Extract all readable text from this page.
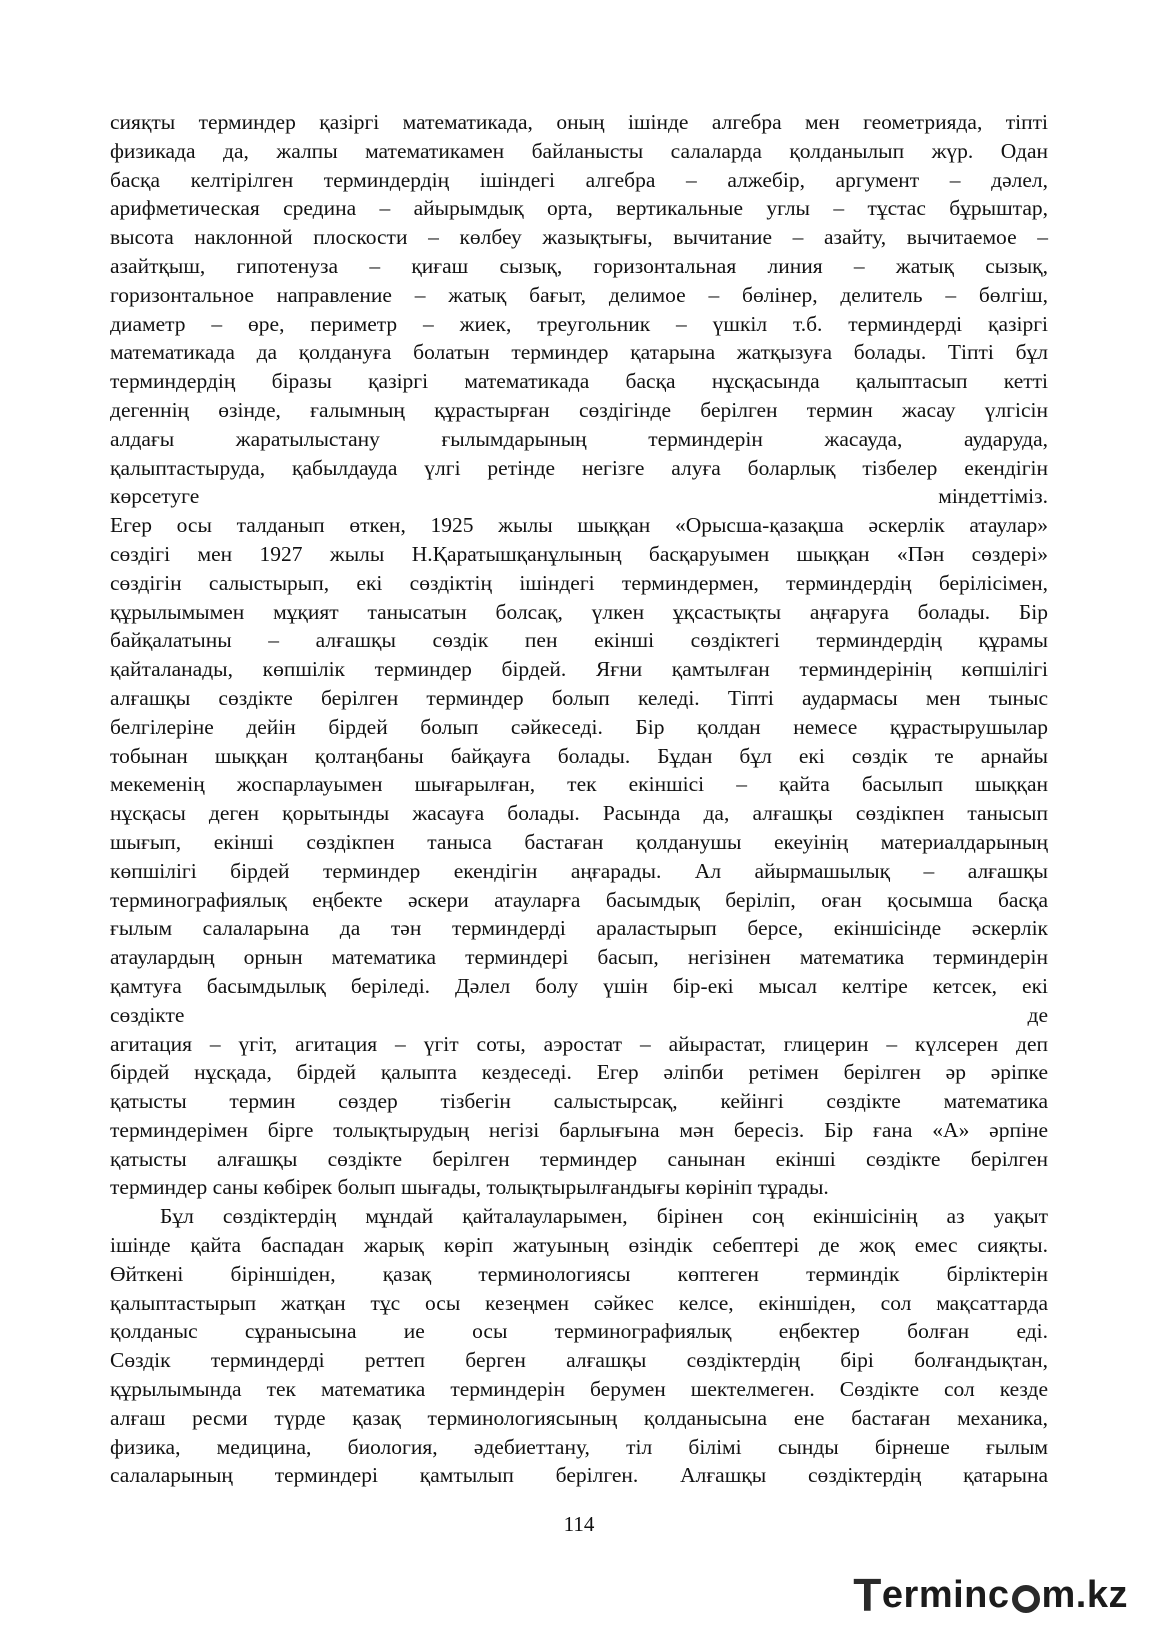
сияқты терминдер қазіргі математикада, оның ішінде алгебра мен геометрияда, тіпті
физикада да, жалпы математикамен байланысты салаларда қолданылып жүр. Одан
басқа келтірілген терминдердің ішіндегі алгебра – алжебір, аргумент – дәлел,
арифметическая средина – айырымдық орта, вертикальные углы – тұстас бұрыштар,
высота наклонной плоскости – көлбеу жазықтығы, вычитание – азайту, вычитаемое –
азайтқыш, гипотенуза – қиғаш сызық, горизонтальная линия – жатық сызық,
горизонтальное направление – жатық бағыт, делимое – бөлінер, делитель – бөлгіш,
диаметр – өре, периметр – жиек, треугольник – үшкіл т.б. терминдерді қазіргі
математикада да қолдануға болатын терминдер қатарына жатқызуға болады. Тіпті бұл
терминдердің біразы қазіргі математикада басқа нұсқасында қалыптасып кетті
дегеннің өзінде, ғалымның құрастырған сөздігінде берілген термин жасау үлгісін
алдағы жаратылыстану ғылымдарының терминдерін жасауда, аударуда,
қалыптастыруда, қабылдауда үлгі ретінде негізге алуға боларлық тізбелер екендігін
көрсетуге міндеттіміз.
Егер осы талданып өткен, 1925 жылы шыққан «Орысша-қазақша әскерлік атаулар»
сөздігі мен 1927 жылы Н.Қаратышқанұлының басқаруымен шыққан «Пән сөздері»
сөздігін салыстырып, екі сөздіктің ішіндегі терминдермен, терминдердің берілісімен,
құрылымымен мұқият танысатын болсақ, үлкен ұқсастықты аңғаруға болады. Бір
байқалатыны – алғашқы сөздік пен екінші сөздіктегі терминдердің құрамы
қайталанады, көпшілік терминдер бірдей. Яғни қамтылған терминдерінің көпшілігі
алғашқы сөздікте берілген терминдер болып келеді. Тіпті аудармасы мен тыныс
белгілеріне дейін бірдей болып сәйкеседі. Бір қолдан немесе құрастырушылар
тобынан шыққан қолтаңбаны байқауға болады. Бұдан бұл екі сөздік те арнайы
мекеменің жоспарлауымен шығарылған, тек екіншісі – қайта басылып шыққан
нұсқасы деген қорытынды жасауға болады. Расында да, алғашқы сөздікпен танысып
шығып, екінші сөздікпен таныса бастаған қолданушы екеуінің материалдарының
көпшілігі бірдей терминдер екендігін аңғарады. Ал айырмашылық – алғашқы
терминографиялық еңбекте әскери атауларға басымдық беріліп, оған қосымша басқа
ғылым салаларына да тән терминдерді араластырып берсе, екіншісінде әскерлік
атаулардың орнын математика терминдері басып, негізінен математика терминдерін
қамтуға басымдылық беріледі. Дәлел болу үшін бір-екі мысал келтіре кетсек, екі
сөздікте де
агитация – үгіт, агитация – үгіт соты, аэростат – айырастат, глицерин – күлсерен деп
бірдей нұсқада, бірдей қалыпта кездеседі. Егер әліпби ретімен берілген әр әріпке
қатысты термин сөздер тізбегін салыстырсақ, кейінгі сөздікте математика
терминдерімен бірге толықтырудың негізі барлығына мән бересіз. Бір ғана «А» әрпіне
қатысты алғашқы сөздікте берілген терминдер санынан екінші сөздікте берілген
терминдер саны көбірек болып шығады, толықтырылғандығы көрініп тұрады.
Бұл сөздіктердің мұндай қайталауларымен, бірінен соң екіншісінің аз уақыт
ішінде қайта баспадан жарық көріп жатуының өзіндік себептері де жоқ емес сияқты.
Өйткені біріншіден, қазақ терминологиясы көптеген терминдік бірліктерін
қалыптастырып жатқан тұс осы кезеңмен сәйкес келсе, екіншіден, сол мақсаттарда
қолданыс сұранысына ие осы терминографиялық еңбектер болған еді.
Сөздік терминдерді реттеп берген алғашқы сөздіктердің бірі болғандықтан,
құрылымында тек математика терминдерін берумен шектелмеген. Сөздікте сол кезде
алғаш ресми түрде қазақ терминологиясының қолданысына ене бастаған механика,
физика, медицина, биология, әдебиеттану, тіл білімі сынды бірнеше ғылым
салаларының терминдері қамтылып берілген. Алғашқы сөздіктердің қатарына
114
T erminc m.kz
